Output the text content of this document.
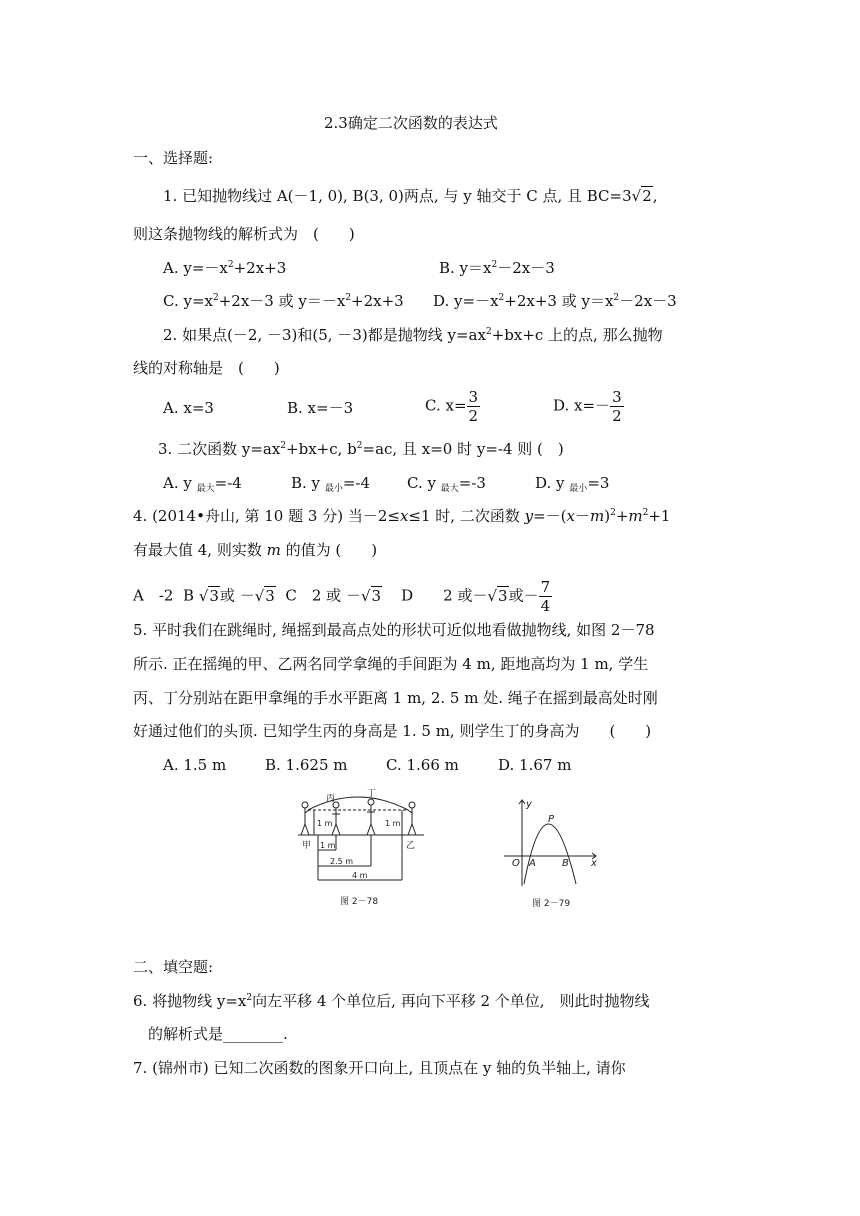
2.3确定二次函数的表达式
一、选择题:
1. 已知抛物线过 A(－1, 0), B(3, 0)两点, 与 y 轴交于 C 点, 且 BC=3√2,
则这条抛物线的解析式为　(　　)
A. $y=-x^2+2x+3$	B. $y=x^2-2x-3$
C. $y=x^2+2x-3$ 或 $y=-x^2+2x+3$ D. $y=-x^2+2x+3$ 或 $y=x^2-2x-3$
2. 如果点(－2, －3)和(5, －3)都是抛物线 $y=ax^2+bx+c$ 上的点, 那么抛物
线的对称轴是　(　　)
A. x=3	B. x=－3	C. $x= \frac{3}{2}$	D. $x=- \frac{3}{2}$
3. 二次函数 $y=ax^2+bx+c$, $b^2=ac$, 且 x=0 时 y=-4 则 (　)
A. y $_{最大}$=-4	B. y $_{最小}$=-4 C. y $_{最大}$=-3	D. y $_{最小}$=3
4. (2014•舟山, 第 10 题 3 分) 当－2≤x≤1 时, 二次函数 $y=-(x-m)^2+m^2+1$
有最大值 4, 则实数 m 的值为 (　　)
A　-2 B √3或 －√3 C　2 或 －√3 D　　2 或－√3或－ $\frac{7}{4}$
5. 平时我们在跳绳时, 绳摇到最高点处的形状可近似地看做抛物线, 如图 2－78
所示. 正在摇绳的甲、乙两名同学拿绳的手间距为 4 m, 距地高均为 1 m, 学生
丙、丁分别站在距甲拿绳的手水平距离 1 m, 2. 5 m 处. 绳子在摇到最高处时刚
好通过他们的头顶. 已知学生丙的身高是 1. 5 m, 则学生丁的身高为　　(　　)
A. 1.5 m	B. 1.625 m	C. 1.66 m	D. 1.67 m
丙	丁
甲	乙
1 m	1 m
1 m
2.5 m
4 m
图 2－78
y
x
O A	B
P
图 2－79
二、填空题:
6. 将抛物线 $y=x^2$向左平移 4 个单位后, 再向下平移 2 个单位,　则此时抛物线
的解析式是________.
7. (锦州市) 已知二次函数的图象开口向上, 且顶点在 y 轴的负半轴上, 请你
